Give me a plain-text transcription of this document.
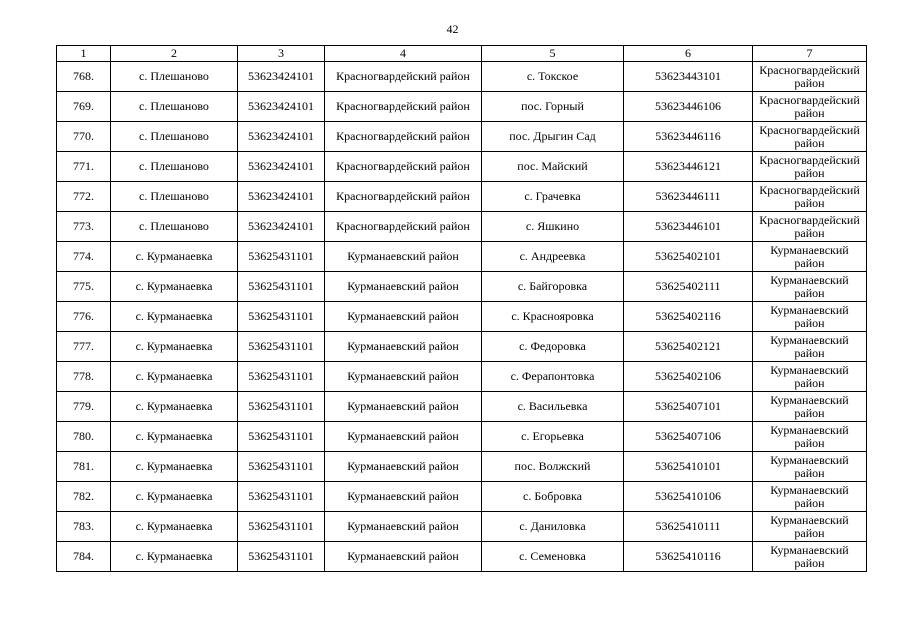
42
1	2	3	4	5	6	7
768.	с. Плешаново	53623424101	Красногвардейский район	с. Токское	53623443101	Красногвардейский район
769.	с. Плешаново	53623424101	Красногвардейский район	пос. Горный	53623446106	Красногвардейский район
770.	с. Плешаново	53623424101	Красногвардейский район	пос. Дрыгин Сад	53623446116	Красногвардейский район
771.	с. Плешаново	53623424101	Красногвардейский район	пос. Майский	53623446121	Красногвардейский район
772.	с. Плешаново	53623424101	Красногвардейский район	с. Грачевка	53623446111	Красногвардейский район
773.	с. Плешаново	53623424101	Красногвардейский район	с. Яшкино	53623446101	Красногвардейский район
774.	с. Курманаевка	53625431101	Курманаевский район	с. Андреевка	53625402101	Курманаевский район
775.	с. Курманаевка	53625431101	Курманаевский район	с. Байгоровка	53625402111	Курманаевский район
776.	с. Курманаевка	53625431101	Курманаевский район	с. Краснояровка	53625402116	Курманаевский район
777.	с. Курманаевка	53625431101	Курманаевский район	с. Федоровка	53625402121	Курманаевский район
778.	с. Курманаевка	53625431101	Курманаевский район	с. Ферапонтовка	53625402106	Курманаевский район
779.	с. Курманаевка	53625431101	Курманаевский район	с. Васильевка	53625407101	Курманаевский район
780.	с. Курманаевка	53625431101	Курманаевский район	с. Егорьевка	53625407106	Курманаевский район
781.	с. Курманаевка	53625431101	Курманаевский район	пос. Волжский	53625410101	Курманаевский район
782.	с. Курманаевка	53625431101	Курманаевский район	с. Бобровка	53625410106	Курманаевский район
783.	с. Курманаевка	53625431101	Курманаевский район	с. Даниловка	53625410111	Курманаевский район
784.	с. Курманаевка	53625431101	Курманаевский район	с. Семеновка	53625410116	Курманаевский район
